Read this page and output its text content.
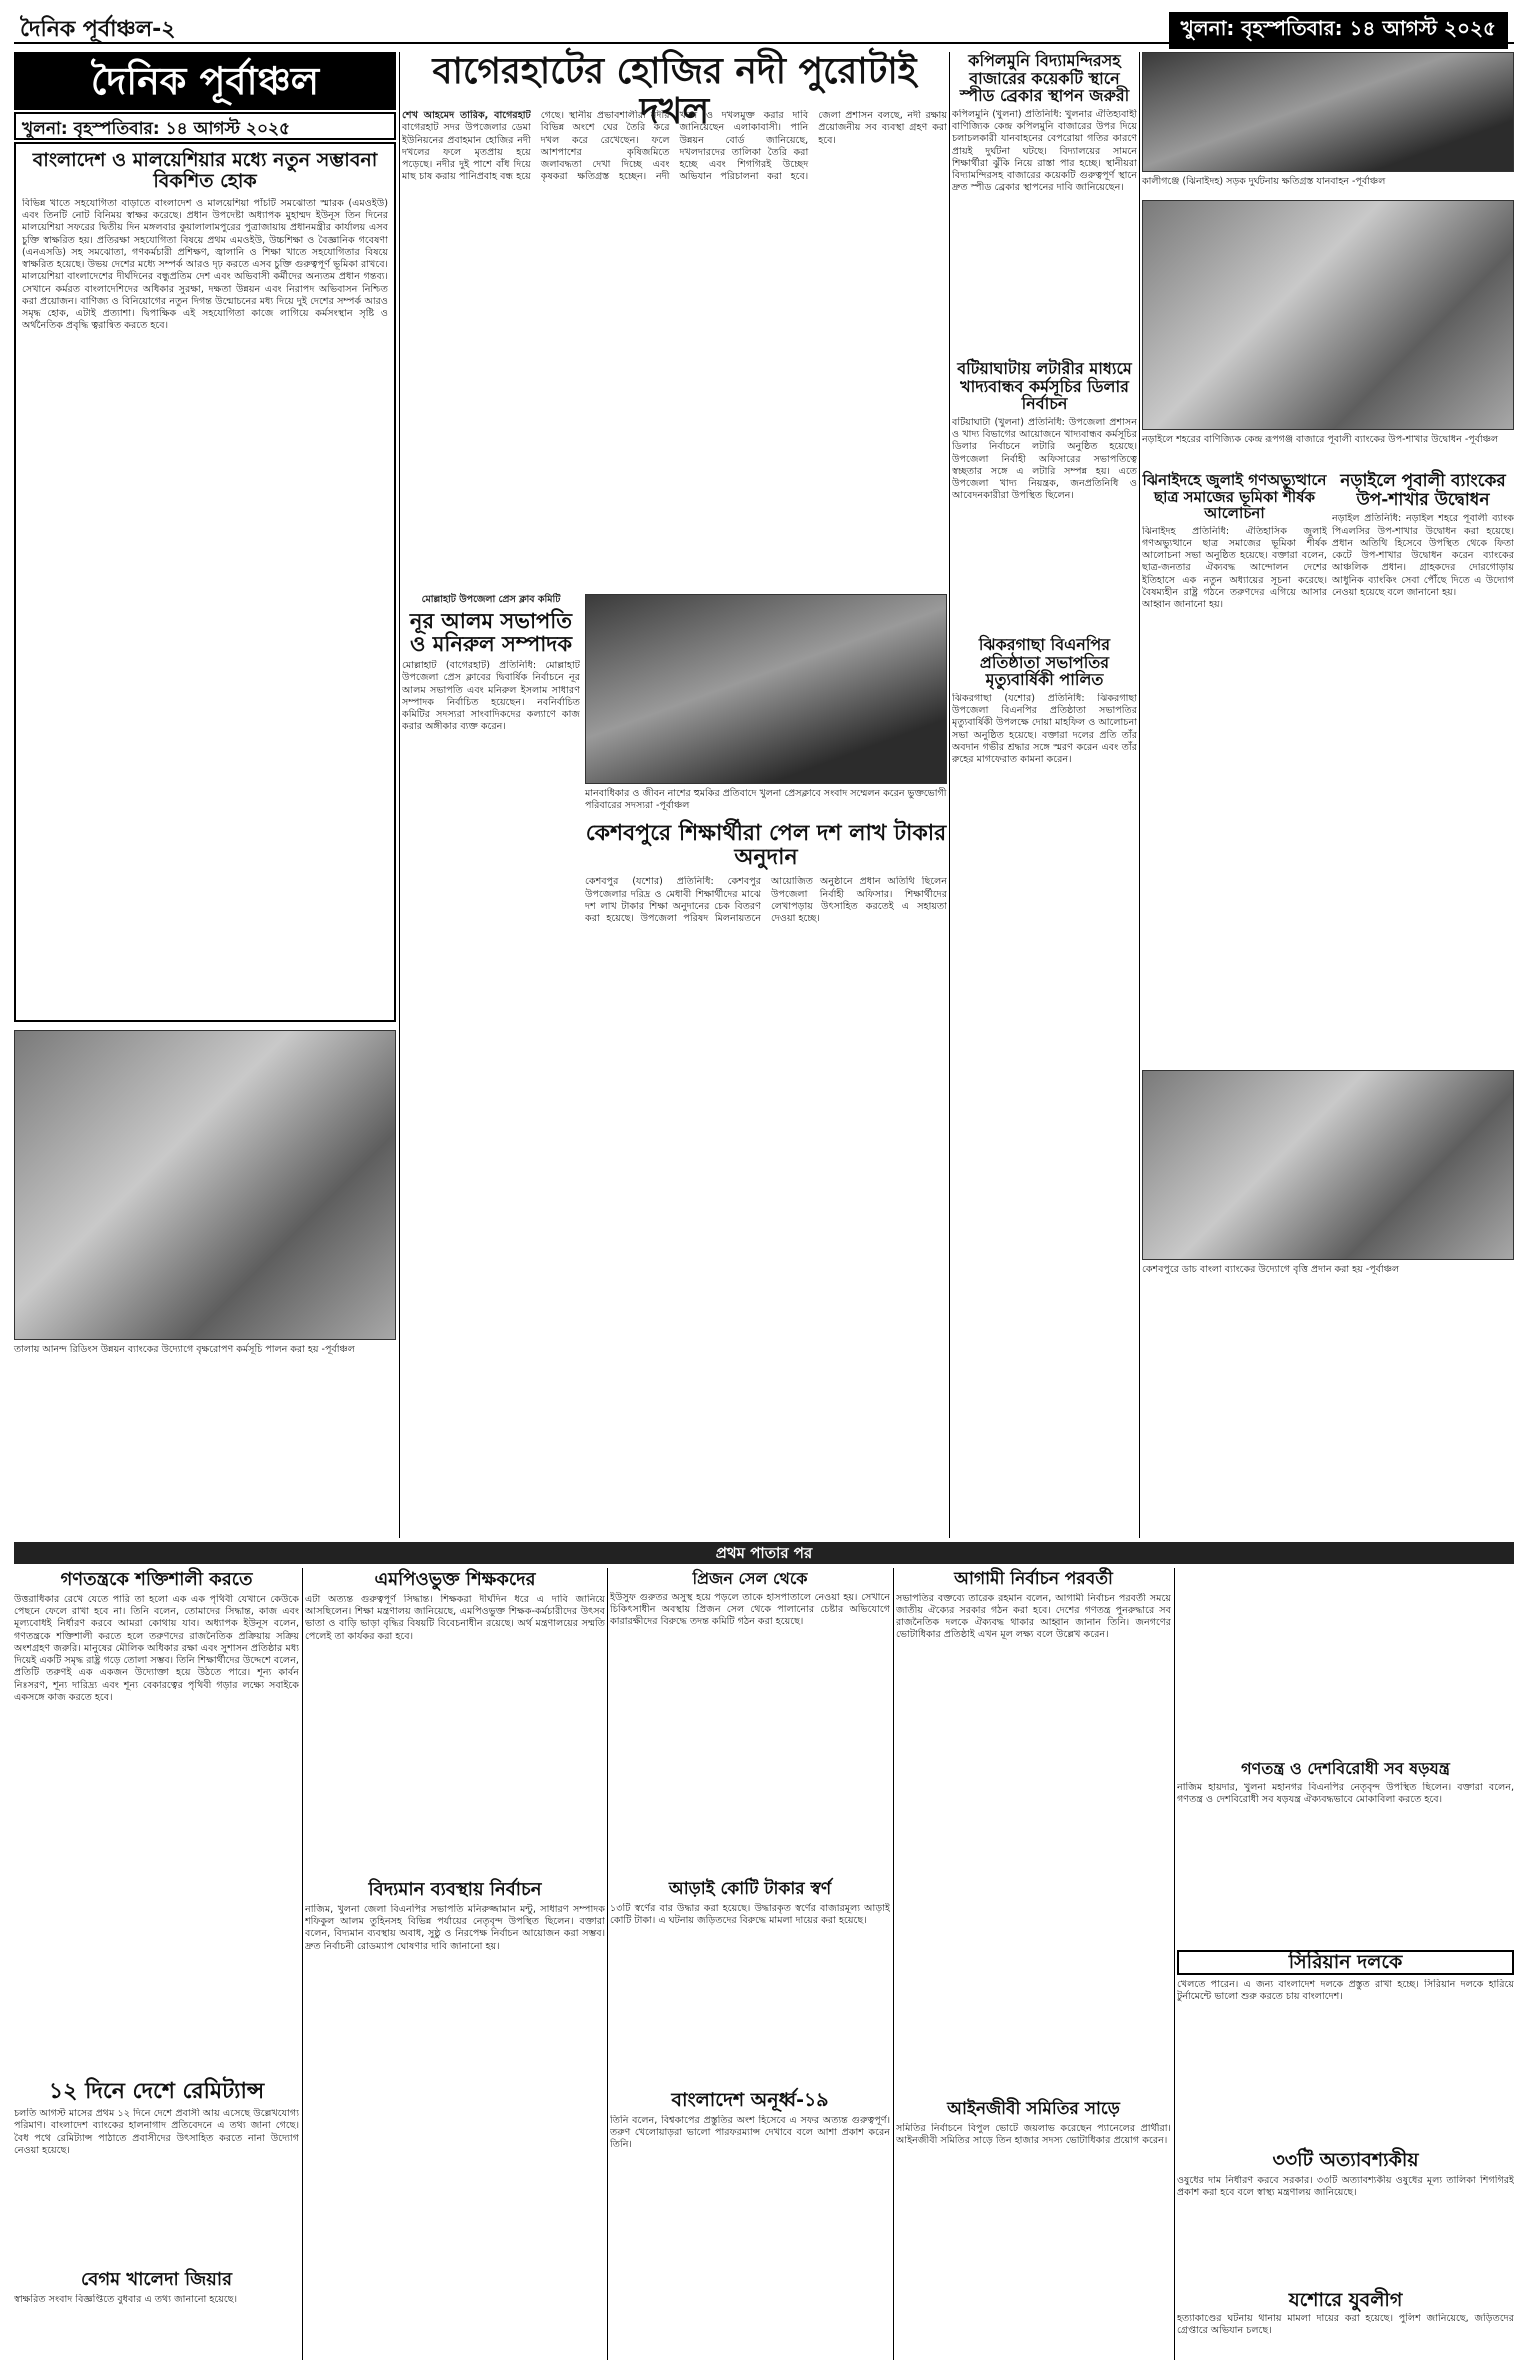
দৈনিক পূর্বাঞ্চল-২	খুলনা: বৃহস্পতিবার: ১৪ আগস্ট ২০২৫
দৈনিক পূর্বাঞ্চল
খুলনা: বৃহস্পতিবার: ১৪ আগস্ট ২০২৫
বাংলাদেশ ও মালয়েশিয়ার মধ্যে নতুন সম্ভাবনা বিকশিত হোক
বিভিন্ন খাতে সহযোগিতা বাড়াতে বাংলাদেশ ও মালয়েশিয়া পাঁচটি সমঝোতা স্মারক (এমওইউ) এবং তিনটি নোট বিনিময় স্বাক্ষর করেছে। প্রধান উপদেষ্টা অধ্যাপক মুহাম্মদ ইউনূস তিন দিনের মালয়েশিয়া সফরের দ্বিতীয় দিন মঙ্গলবার কুয়ালালামপুরের পুত্রাজায়ায় প্রধানমন্ত্রীর কার্যালয় এসব চুক্তি স্বাক্ষরিত হয়। প্রতিরক্ষা সহযোগিতা বিষয়ে প্রথম এমওইউ, উচ্চশিক্ষা ও বৈজ্ঞানিক গবেষণা (এনএসডি) সহ সমঝোতা, গণকর্মচারী প্রশিক্ষণ, জ্বালানি ও শিক্ষা খাতে সহযোগিতার বিষয়ে স্বাক্ষরিত হয়েছে। উভয় দেশের মধ্যে সম্পর্ক আরও দৃঢ় করতে এসব চুক্তি গুরুত্বপূর্ণ ভূমিকা রাখবে। মালয়েশিয়া বাংলাদেশের দীর্ঘদিনের বন্ধুপ্রতিম দেশ এবং অভিবাসী কর্মীদের অন্যতম প্রধান গন্তব্য। সেখানে কর্মরত বাংলাদেশিদের অধিকার সুরক্ষা, দক্ষতা উন্নয়ন এবং নিরাপদ অভিবাসন নিশ্চিত করা প্রয়োজন। বাণিজ্য ও বিনিয়োগের নতুন দিগন্ত উন্মোচনের মধ্য দিয়ে দুই দেশের সম্পর্ক আরও সমৃদ্ধ হোক, এটাই প্রত্যাশা। দ্বিপাক্ষিক এই সহযোগিতা কাজে লাগিয়ে কর্মসংস্থান সৃষ্টি ও অর্থনৈতিক প্রবৃদ্ধি ত্বরান্বিত করতে হবে।
তালায় আনন্দ রিডিংস উন্নয়ন ব্যাংকের উদ্যোগে বৃক্ষরোপণ কর্মসূচি পালন করা হয় -পূর্বাঞ্চল
বাগেরহাটের হোজির নদী পুরোটাই দখল
শেখ আহমেদ তারিক, বাগেরহাট বাগেরহাট সদর উপজেলার ডেমা ইউনিয়নের প্রবাহমান হোজির নদী দখলের ফলে মৃতপ্রায় হয়ে পড়েছে। নদীর দুই পাশে বাঁধ দিয়ে মাছ চাষ করায় পানিপ্রবাহ বন্ধ হয়ে গেছে। স্থানীয় প্রভাবশালীরা নদীর বিভিন্ন অংশে ঘের তৈরি করে দখল করে রেখেছেন। ফলে আশপাশের কৃষিজমিতে জলাবদ্ধতা দেখা দিচ্ছে এবং কৃষকরা ক্ষতিগ্রস্ত হচ্ছেন। নদী খনন ও দখলমুক্ত করার দাবি জানিয়েছেন এলাকাবাসী। পানি উন্নয়ন বোর্ড জানিয়েছে, দখলদারদের তালিকা তৈরি করা হচ্ছে এবং শিগগিরই উচ্ছেদ অভিযান পরিচালনা করা হবে। জেলা প্রশাসন বলছে, নদী রক্ষায় প্রয়োজনীয় সব ব্যবস্থা গ্রহণ করা হবে।
মানবাধিকার ও জীবন নাশের হুমকির প্রতিবাদে খুলনা প্রেসক্লাবে সংবাদ সম্মেলন করেন ভুক্তভোগী পরিবারের সদস্যরা -পূর্বাঞ্চল
মোল্লাহাট উপজেলা প্রেস ক্লাব কমিটি
নূর আলম সভাপতি ও মনিরুল সম্পাদক
মোল্লাহাট (বাগেরহাট) প্রতিনিধি: মোল্লাহাট উপজেলা প্রেস ক্লাবের দ্বিবার্ষিক নির্বাচনে নূর আলম সভাপতি এবং মনিরুল ইসলাম সাধারণ সম্পাদক নির্বাচিত হয়েছেন। নবনির্বাচিত কমিটির সদস্যরা সাংবাদিকদের কল্যাণে কাজ করার অঙ্গীকার ব্যক্ত করেন।
কেশবপুরে শিক্ষার্থীরা পেল দশ লাখ টাকার অনুদান
কেশবপুর (যশোর) প্রতিনিধি: কেশবপুর উপজেলার দরিদ্র ও মেধাবী শিক্ষার্থীদের মাঝে দশ লাখ টাকার শিক্ষা অনুদানের চেক বিতরণ করা হয়েছে। উপজেলা পরিষদ মিলনায়তনে আয়োজিত অনুষ্ঠানে প্রধান অতিথি ছিলেন উপজেলা নির্বাহী অফিসার। শিক্ষার্থীদের লেখাপড়ায় উৎসাহিত করতেই এ সহায়তা দেওয়া হচ্ছে।
কপিলমুনি বিদ্যামন্দিরসহ বাজারের কয়েকটি স্থানে স্পীড ব্রেকার স্থাপন জরুরী
কপিলমুনি (খুলনা) প্রতিনিধি: খুলনার ঐতিহ্যবাহী বাণিজ্যিক কেন্দ্র কপিলমুনি বাজারের উপর দিয়ে চলাচলকারী যানবাহনের বেপরোয়া গতির কারণে প্রায়ই দুর্ঘটনা ঘটছে। বিদ্যালয়ের সামনে শিক্ষার্থীরা ঝুঁকি নিয়ে রাস্তা পার হচ্ছে। স্থানীয়রা বিদ্যামন্দিরসহ বাজারের কয়েকটি গুরুত্বপূর্ণ স্থানে দ্রুত স্পীড ব্রেকার স্থাপনের দাবি জানিয়েছেন।
বটিয়াঘাটায় লটারীর মাধ্যমে খাদ্যবান্ধব কর্মসূচির ডিলার নির্বাচন
বটিয়াঘাটা (খুলনা) প্রতিনিধি: উপজেলা প্রশাসন ও খাদ্য বিভাগের আয়োজনে খাদ্যবান্ধব কর্মসূচির ডিলার নির্বাচনে লটারি অনুষ্ঠিত হয়েছে। উপজেলা নির্বাহী অফিসারের সভাপতিত্বে স্বচ্ছতার সঙ্গে এ লটারি সম্পন্ন হয়। এতে উপজেলা খাদ্য নিয়ন্ত্রক, জনপ্রতিনিধি ও আবেদনকারীরা উপস্থিত ছিলেন।
ঝিনাইদহে জুলাই গণঅভ্যুত্থানে ছাত্র সমাজের ভূমিকা শীর্ষক আলোচনা
ঝিনাইদহ প্রতিনিধি: ঐতিহাসিক জুলাই গণঅভ্যুত্থানে ছাত্র সমাজের ভূমিকা শীর্ষক আলোচনা সভা অনুষ্ঠিত হয়েছে। বক্তারা বলেন, ছাত্র-জনতার ঐক্যবদ্ধ আন্দোলন দেশের ইতিহাসে এক নতুন অধ্যায়ের সূচনা করেছে। বৈষম্যহীন রাষ্ট্র গঠনে তরুণদের এগিয়ে আসার আহ্বান জানানো হয়।
ঝিকরগাছা বিএনপির প্রতিষ্ঠাতা সভাপতির মৃত্যুবার্ষিকী পালিত
ঝিকরগাছা (যশোর) প্রতিনিধি: ঝিকরগাছা উপজেলা বিএনপির প্রতিষ্ঠাতা সভাপতির মৃত্যুবার্ষিকী উপলক্ষে দোয়া মাহফিল ও আলোচনা সভা অনুষ্ঠিত হয়েছে। বক্তারা দলের প্রতি তাঁর অবদান গভীর শ্রদ্ধার সঙ্গে স্মরণ করেন এবং তাঁর রুহের মাগফেরাত কামনা করেন।
কালীগঞ্জে (ঝিনাইদহ) সড়ক দুর্ঘটনায় ক্ষতিগ্রস্ত যানবাহন -পূর্বাঞ্চল
নড়াইলে শহরের বাণিজ্যিক কেন্দ্র রূপগঞ্জ বাজারে পূবালী ব্যাংকের উপ-শাখার উদ্বোধন -পূর্বাঞ্চল
নড়াইলে পূবালী ব্যাংকের উপ-শাখার উদ্বোধন
নড়াইল প্রতিনিধি: নড়াইল শহরে পূবালী ব্যাংক পিএলসির উপ-শাখার উদ্বোধন করা হয়েছে। প্রধান অতিথি হিসেবে উপস্থিত থেকে ফিতা কেটে উপ-শাখার উদ্বোধন করেন ব্যাংকের আঞ্চলিক প্রধান। গ্রাহকদের দোরগোড়ায় আধুনিক ব্যাংকিং সেবা পৌঁছে দিতে এ উদ্যোগ নেওয়া হয়েছে বলে জানানো হয়।
কেশবপুরে ডাচ বাংলা ব্যাংকের উদ্যোগে বৃত্তি প্রদান করা হয় -পূর্বাঞ্চল
প্রথম পাতার পর
গণতন্ত্রকে শক্তিশালী করতে
উত্তরাধিকার রেখে যেতে পারি তা হলো এক এক পৃথিবী যেখানে কেউকে পেছনে ফেলে রাখা হবে না। তিনি বলেন, তোমাদের সিদ্ধান্ত, কাজ এবং মূল্যবোধই নির্ধারণ করবে আমরা কোথায় যাব। অধ্যাপক ইউনূস বলেন, গণতন্ত্রকে শক্তিশালী করতে হলে তরুণদের রাজনৈতিক প্রক্রিয়ায় সক্রিয় অংশগ্রহণ জরুরি। মানুষের মৌলিক অধিকার রক্ষা এবং সুশাসন প্রতিষ্ঠার মধ্য দিয়েই একটি সমৃদ্ধ রাষ্ট্র গড়ে তোলা সম্ভব। তিনি শিক্ষার্থীদের উদ্দেশে বলেন, প্রতিটি তরুণই এক একজন উদ্যোক্তা হয়ে উঠতে পারে। শূন্য কার্বন নিঃসরণ, শূন্য দারিদ্র্য এবং শূন্য বেকারত্বের পৃথিবী গড়ার লক্ষ্যে সবাইকে একসঙ্গে কাজ করতে হবে।
১২ দিনে দেশে রেমিট্যান্স
চলতি আগস্ট মাসের প্রথম ১২ দিনে দেশে প্রবাসী আয় এসেছে উল্লেখযোগ্য পরিমাণ। বাংলাদেশ ব্যাংকের হালনাগাদ প্রতিবেদনে এ তথ্য জানা গেছে। বৈধ পথে রেমিট্যান্স পাঠাতে প্রবাসীদের উৎসাহিত করতে নানা উদ্যোগ নেওয়া হয়েছে।
বেগম খালেদা জিয়ার
স্বাক্ষরিত সংবাদ বিজ্ঞপ্তিতে বুধবার এ তথ্য জানানো হয়েছে।
এমপিওভুক্ত শিক্ষকদের
এটা অত্যন্ত গুরুত্বপূর্ণ সিদ্ধান্ত। শিক্ষকরা দীর্ঘদিন ধরে এ দাবি জানিয়ে আসছিলেন। শিক্ষা মন্ত্রণালয় জানিয়েছে, এমপিওভুক্ত শিক্ষক-কর্মচারীদের উৎসব ভাতা ও বাড়ি ভাড়া বৃদ্ধির বিষয়টি বিবেচনাধীন রয়েছে। অর্থ মন্ত্রণালয়ের সম্মতি পেলেই তা কার্যকর করা হবে।
বিদ্যমান ব্যবস্থায় নির্বাচন
নাজিম, খুলনা জেলা বিএনপির সভাপতি মনিরুজ্জামান মন্টু, সাধারণ সম্পাদক শফিকুল আলম তুহিনসহ বিভিন্ন পর্যায়ের নেতৃবৃন্দ উপস্থিত ছিলেন। বক্তারা বলেন, বিদ্যমান ব্যবস্থায় অবাধ, সুষ্ঠু ও নিরপেক্ষ নির্বাচন আয়োজন করা সম্ভব। দ্রুত নির্বাচনী রোডম্যাপ ঘোষণার দাবি জানানো হয়।
প্রিজন সেল থেকে
ইউসুফ গুরুতর অসুস্থ হয়ে পড়লে তাকে হাসপাতালে নেওয়া হয়। সেখানে চিকিৎসাধীন অবস্থায় প্রিজন সেল থেকে পালানোর চেষ্টার অভিযোগে কারারক্ষীদের বিরুদ্ধে তদন্ত কমিটি গঠন করা হয়েছে।
আড়াই কোটি টাকার স্বর্ণ
১৩টি স্বর্ণের বার উদ্ধার করা হয়েছে। উদ্ধারকৃত স্বর্ণের বাজারমূল্য আড়াই কোটি টাকা। এ ঘটনায় জড়িতদের বিরুদ্ধে মামলা দায়ের করা হয়েছে।
বাংলাদেশ অনূর্ধ্ব-১৯
তিনি বলেন, বিশ্বকাপের প্রস্তুতির অংশ হিসেবে এ সফর অত্যন্ত গুরুত্বপূর্ণ। তরুণ খেলোয়াড়রা ভালো পারফরম্যান্স দেখাবে বলে আশা প্রকাশ করেন তিনি।
আগামী নির্বাচন পরবর্তী
সভাপতির বক্তব্যে তারেক রহমান বলেন, আগামী নির্বাচন পরবর্তী সময়ে জাতীয় ঐক্যের সরকার গঠন করা হবে। দেশের গণতন্ত্র পুনরুদ্ধারে সব রাজনৈতিক দলকে ঐক্যবদ্ধ থাকার আহ্বান জানান তিনি। জনগণের ভোটাধিকার প্রতিষ্ঠাই এখন মূল লক্ষ্য বলে উল্লেখ করেন।
আইনজীবী সমিতির সাড়ে
সমিতির নির্বাচনে বিপুল ভোটে জয়লাভ করেছেন প্যানেলের প্রার্থীরা। আইনজীবী সমিতির সাড়ে তিন হাজার সদস্য ভোটাধিকার প্রয়োগ করেন।
গণতন্ত্র ও দেশবিরোধী সব ষড়যন্ত্র
নাজিম হায়দার, খুলনা মহানগর বিএনপির নেতৃবৃন্দ উপস্থিত ছিলেন। বক্তারা বলেন, গণতন্ত্র ও দেশবিরোধী সব ষড়যন্ত্র ঐক্যবদ্ধভাবে মোকাবিলা করতে হবে।
সিরিয়ান দলকে
খেলতে পারেন। এ জন্য বাংলাদেশ দলকে প্রস্তুত রাখা হচ্ছে। সিরিয়ান দলকে হারিয়ে টুর্নামেন্টে ভালো শুরু করতে চায় বাংলাদেশ।
৩৩টি অত্যাবশ্যকীয়
ওষুধের দাম নির্ধারণ করবে সরকার। ৩৩টি অত্যাবশ্যকীয় ওষুধের মূল্য তালিকা শিগগিরই প্রকাশ করা হবে বলে স্বাস্থ্য মন্ত্রণালয় জানিয়েছে।
যশোরে যুবলীগ
হত্যাকাণ্ডের ঘটনায় থানায় মামলা দায়ের করা হয়েছে। পুলিশ জানিয়েছে, জড়িতদের গ্রেপ্তারে অভিযান চলছে।
